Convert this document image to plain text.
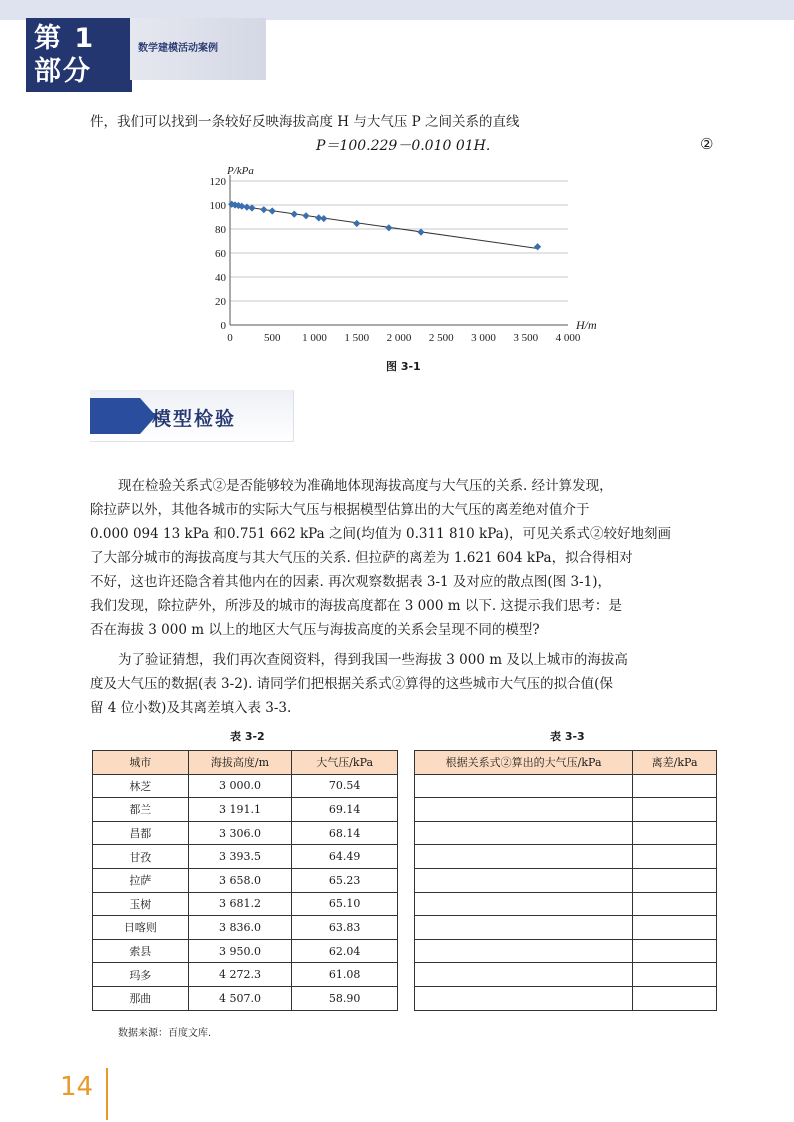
第 1 部分
数学建模活动案例
件，我们可以找到一条较好反映海拔高度 H 与大气压 P 之间关系的直线
P＝100.229－0.010 01H.	②
0
20
40
60
80
100
120
0	500 1 000 1 500 2 000 2 500 3 000 3 500 4 000
P/kPa
H/m
图 3-1
模型检验
现在检验关系式②是否能够较为准确地体现海拔高度与大气压的关系. 经计算发现，
除拉萨以外，其他各城市的实际大气压与根据模型估算出的大气压的离差绝对值介于
0.000 094 13 kPa 和0.751 662 kPa 之间(均值为 0.311 810 kPa)，可见关系式②较好地刻画
了大部分城市的海拔高度与其大气压的关系. 但拉萨的离差为 1.621 604 kPa，拟合得相对
不好，这也许还隐含着其他内在的因素. 再次观察数据表 3-1 及对应的散点图(图 3-1)，
我们发现，除拉萨外，所涉及的城市的海拔高度都在 3 000 m 以下. 这提示我们思考：是
否在海拔 3 000 m 以上的地区大气压与海拔高度的关系会呈现不同的模型?
为了验证猜想，我们再次查阅资料，得到我国一些海拔 3 000 m 及以上城市的海拔高
度及大气压的数据(表 3-2). 请同学们把根据关系式②算得的这些城市大气压的拟合值(保
留 4 位小数)及其离差填入表 3-3.
表 3-2	表 3-3
城市	海拔高度/m	大气压/kPa
林芝	3 000.0	70.54
都兰	3 191.1	69.14
昌都	3 306.0	68.14
甘孜	3 393.5	64.49
拉萨	3 658.0	65.23
玉树	3 681.2	65.10
日喀则	3 836.0	63.83
索县	3 950.0	62.04
玛多	4 272.3	61.08
那曲	4 507.0	58.90
根据关系式②算出的大气压/kPa	离差/kPa

数据来源：百度文库.
14
